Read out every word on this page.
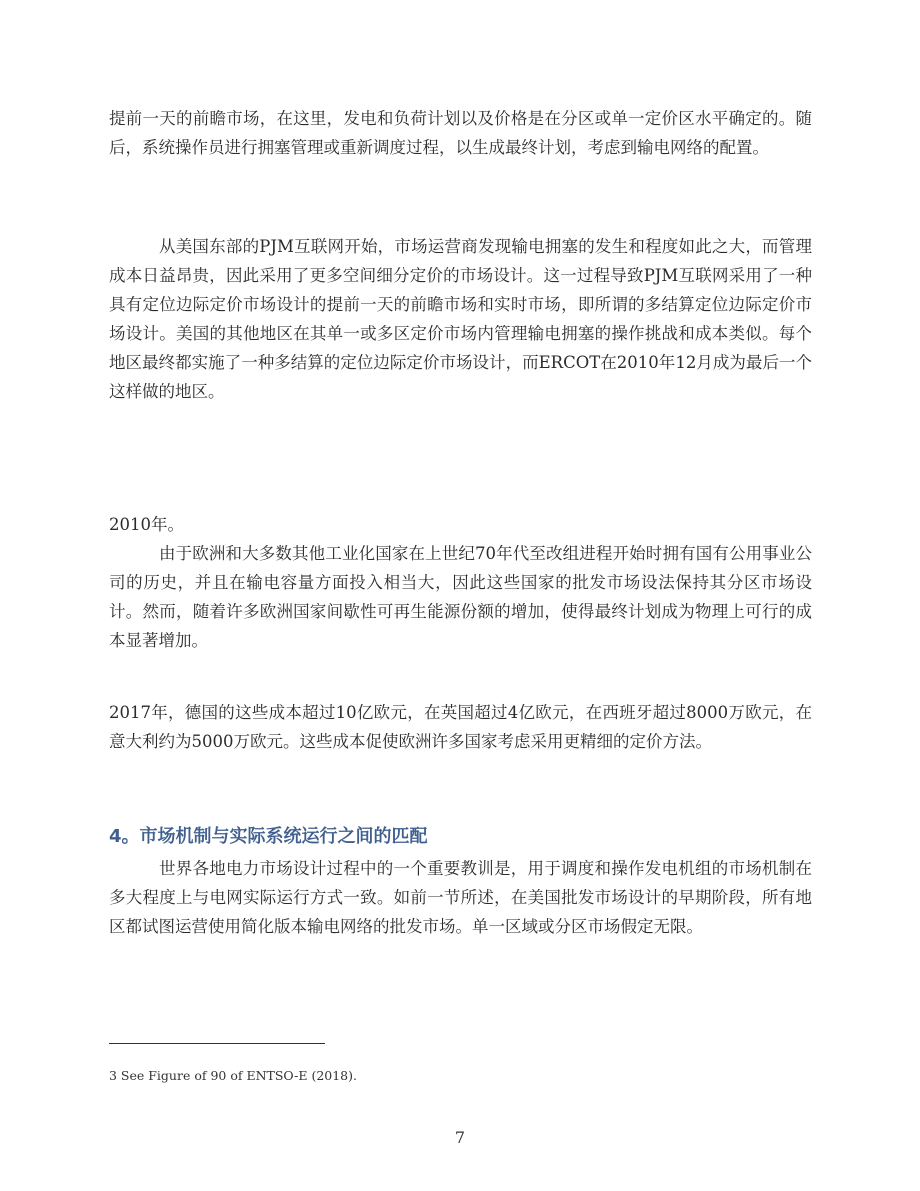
提前一天的前瞻市场，在这里，发电和负荷计划以及价格是在分区或单一定价区水平确定的。随后，系统操作员进行拥塞管理或重新调度过程，以生成最终计划，考虑到输电网络的配置。

从美国东部的PJM互联网开始，市场运营商发现输电拥塞的发生和程度如此之大，而管理成本日益昂贵，因此采用了更多空间细分定价的市场设计。这一过程导致PJM互联网采用了一种具有定位边际定价市场设计的提前一天的前瞻市场和实时市场，即所谓的多结算定位边际定价市场设计。美国的其他地区在其单一或多区定价市场内管理输电拥塞的操作挑战和成本类似。每个地区最终都实施了一种多结算的定位边际定价市场设计，而ERCOT在2010年12月成为最后一个这样做的地区。

2010年。

由于欧洲和大多数其他工业化国家在上世纪70年代至改组进程开始时拥有国有公用事业公司的历史，并且在输电容量方面投入相当大，因此这些国家的批发市场设法保持其分区市场设计。然而，随着许多欧洲国家间歇性可再生能源份额的增加，使得最终计划成为物理上可行的成本显著增加。

2017年，德国的这些成本超过10亿欧元，在英国超过4亿欧元，在西班牙超过8000万欧元，在意大利约为5000万欧元。这些成本促使欧洲许多国家考虑采用更精细的定价方法。

4。市场机制与实际系统运行之间的匹配

世界各地电力市场设计过程中的一个重要教训是，用于调度和操作发电机组的市场机制在多大程度上与电网实际运行方式一致。如前一节所述，在美国批发市场设计的早期阶段，所有地区都试图运营使用简化版本输电网络的批发市场。单一区域或分区市场假定无限。

3 See Figure of 90 of ENTSO-E (2018).

7
